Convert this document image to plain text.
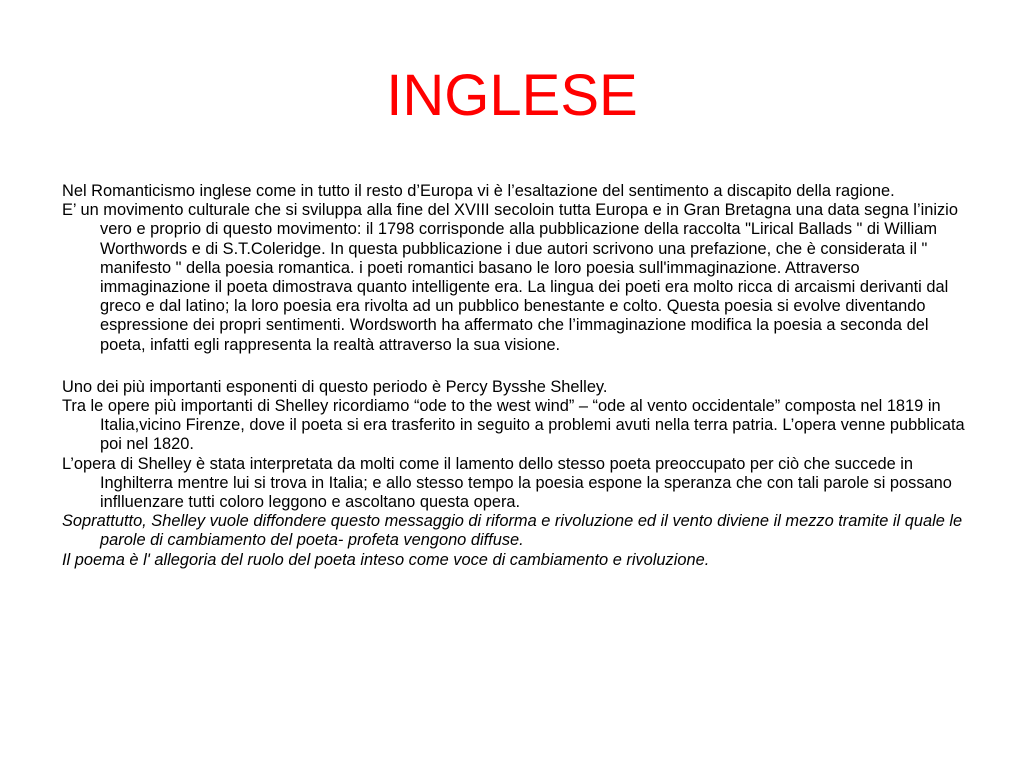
INGLESE

Nel Romanticismo inglese come in tutto il resto d’Europa vi è l’esaltazione del sentimento a discapito della ragione.

E’ un movimento culturale che si sviluppa alla fine del XVIII secoloin tutta Europa e in Gran Bretagna una data segna l’inizio vero e proprio di questo movimento: il 1798 corrisponde alla pubblicazione della raccolta "Lirical Ballads " di William Worthwords e di S.T.Coleridge. In questa pubblicazione i due autori scrivono una prefazione, che è considerata il " manifesto " della poesia romantica. i poeti romantici basano le loro poesia sull'immaginazione. Attraverso immaginazione il poeta dimostrava quanto intelligente era. La lingua dei poeti era molto ricca di arcaismi derivanti dal greco e dal latino; la loro poesia era rivolta ad un pubblico benestante e colto. Questa poesia si evolve diventando espressione dei propri sentimenti. Wordsworth ha affermato che l’immaginazione modifica la poesia a seconda del poeta, infatti egli rappresenta la realtà attraverso la sua visione.

Uno dei più importanti esponenti di questo periodo è Percy Bysshe Shelley.

Tra le opere più importanti di Shelley ricordiamo “ode to the west wind” – “ode al vento occidentale” composta nel 1819 in Italia,vicino Firenze, dove il poeta si era trasferito in seguito a problemi avuti nella terra patria. L’opera venne pubblicata poi nel 1820.

L’opera di Shelley è stata interpretata da molti come il lamento dello stesso poeta preoccupato per ciò che succede in Inghilterra mentre lui si trova in Italia; e allo stesso tempo la poesia espone la speranza che con tali parole si possano inflluenzare tutti coloro leggono e ascoltano questa opera.

Soprattutto, Shelley vuole diffondere questo messaggio di riforma e rivoluzione ed il vento diviene il mezzo tramite il quale le parole di cambiamento del poeta- profeta vengono diffuse.

Il poema è l' allegoria del ruolo del poeta inteso come voce di cambiamento e rivoluzione.
